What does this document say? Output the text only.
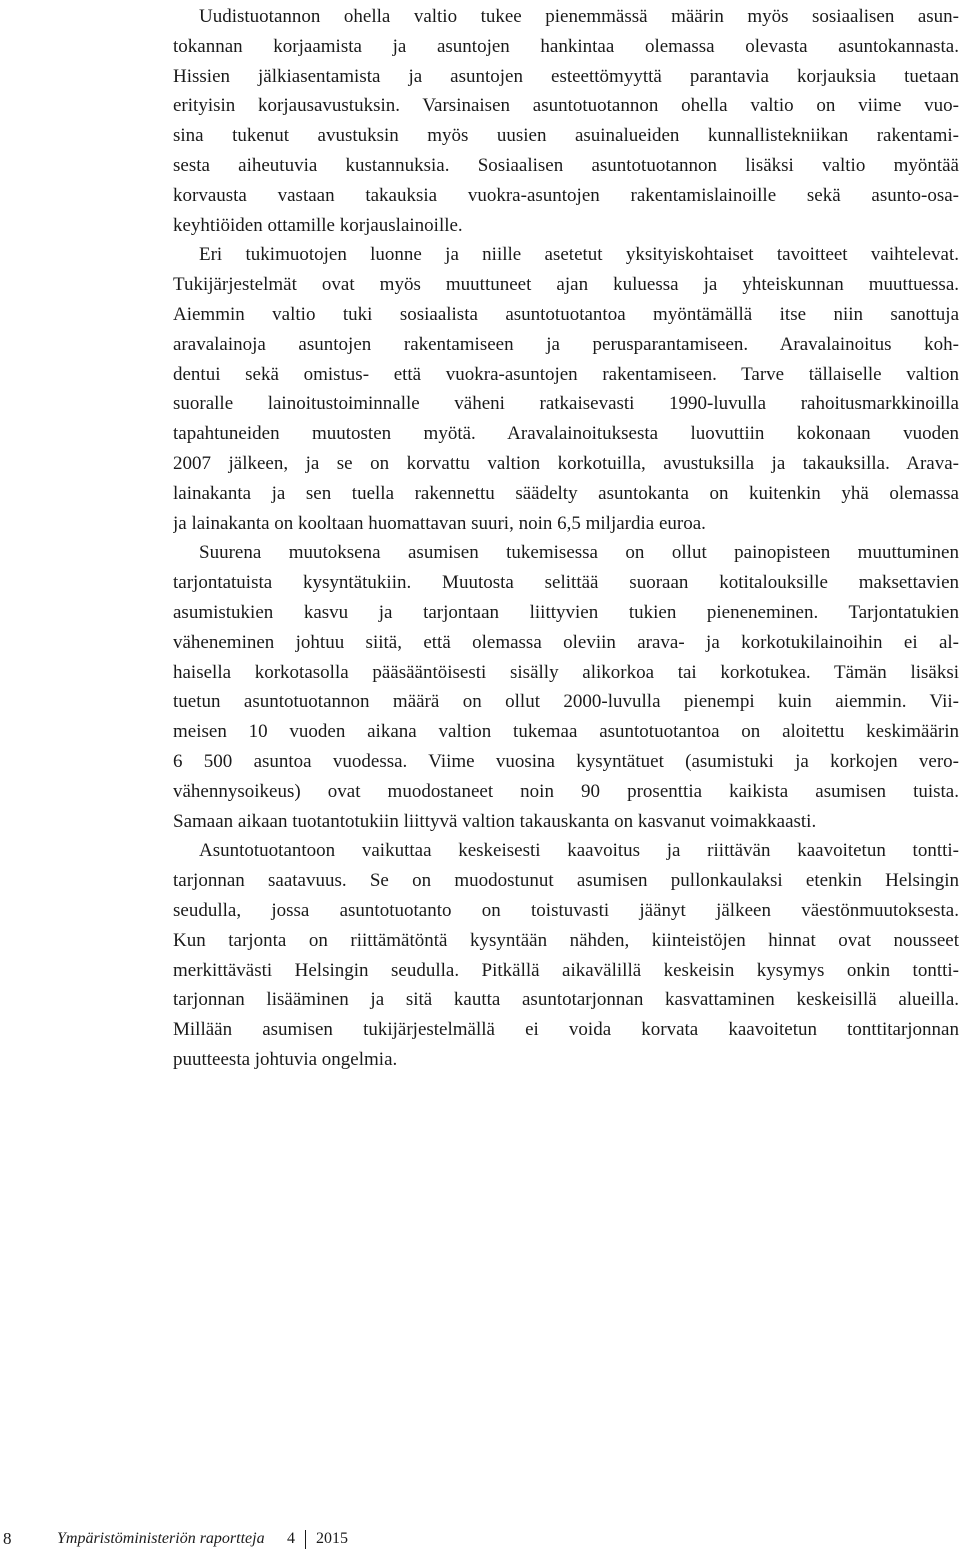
Uudistuotannon ohella valtio tukee pienemmässä määrin myös sosiaalisen asun-
tokannan korjaamista ja asuntojen hankintaa olemassa olevasta asuntokannasta.
Hissien jälkiasentamista ja asuntojen esteettömyyttä parantavia korjauksia tuetaan
erityisin korjausavustuksin. Varsinaisen asuntotuotannon ohella valtio on viime vuo-
sina tukenut avustuksin myös uusien asuinalueiden kunnallistekniikan rakentami-
sesta aiheutuvia kustannuksia. Sosiaalisen asuntotuotannon lisäksi valtio myöntää
korvausta vastaan takauksia vuokra-asuntojen rakentamislainoille sekä asunto-osa-
keyhtiöiden ottamille korjauslainoille.
Eri tukimuotojen luonne ja niille asetetut yksityiskohtaiset tavoitteet vaihtelevat.
Tukijärjestelmät ovat myös muuttuneet ajan kuluessa ja yhteiskunnan muuttuessa.
Aiemmin valtio tuki sosiaalista asuntotuotantoa myöntämällä itse niin sanottuja
aravalainoja asuntojen rakentamiseen ja perusparantamiseen. Aravalainoitus koh-
dentui sekä omistus- että vuokra-asuntojen rakentamiseen. Tarve tällaiselle valtion
suoralle lainoitustoiminnalle väheni ratkaisevasti 1990-luvulla rahoitusmarkkinoilla
tapahtuneiden muutosten myötä. Aravalainoituksesta luovuttiin kokonaan vuoden
2007 jälkeen, ja se on korvattu valtion korkotuilla, avustuksilla ja takauksilla. Arava-
lainakanta ja sen tuella rakennettu säädelty asuntokanta on kuitenkin yhä olemassa
ja lainakanta on kooltaan huomattavan suuri, noin 6,5 miljardia euroa.
Suurena muutoksena asumisen tukemisessa on ollut painopisteen muuttuminen
tarjontatuista kysyntätukiin. Muutosta selittää suoraan kotitalouksille maksettavien
asumistukien kasvu ja tarjontaan liittyvien tukien pieneneminen. Tarjontatukien
väheneminen johtuu siitä, että olemassa oleviin arava- ja korkotukilainoihin ei al-
haisella korkotasolla pääsääntöisesti sisälly alikorkoa tai korkotukea. Tämän lisäksi
tuetun asuntotuotannon määrä on ollut 2000-luvulla pienempi kuin aiemmin. Vii-
meisen 10 vuoden aikana valtion tukemaa asuntotuotantoa on aloitettu keskimäärin
6 500 asuntoa vuodessa. Viime vuosina kysyntätuet (asumistuki ja korkojen vero-
vähennysoikeus) ovat muodostaneet noin 90 prosenttia kaikista asumisen tuista.
Samaan aikaan tuotantotukiin liittyvä valtion takauskanta on kasvanut voimakkaasti.
Asuntotuotantoon vaikuttaa keskeisesti kaavoitus ja riittävän kaavoitetun tontti-
tarjonnan saatavuus. Se on muodostunut asumisen pullonkaulaksi etenkin Helsingin
seudulla, jossa asuntotuotanto on toistuvasti jäänyt jälkeen väestönmuutoksesta.
Kun tarjonta on riittämätöntä kysyntään nähden, kiinteistöjen hinnat ovat nousseet
merkittävästi Helsingin seudulla. Pitkällä aikavälillä keskeisin kysymys onkin tontti-
tarjonnan lisääminen ja sitä kautta asuntotarjonnan kasvattaminen keskeisillä alueilla.
Millään asumisen tukijärjestelmällä ei voida korvata kaavoitetun tonttitarjonnan
puutteesta johtuvia ongelmia.
8	Ympäristöministeriön raportteja 4 2015
